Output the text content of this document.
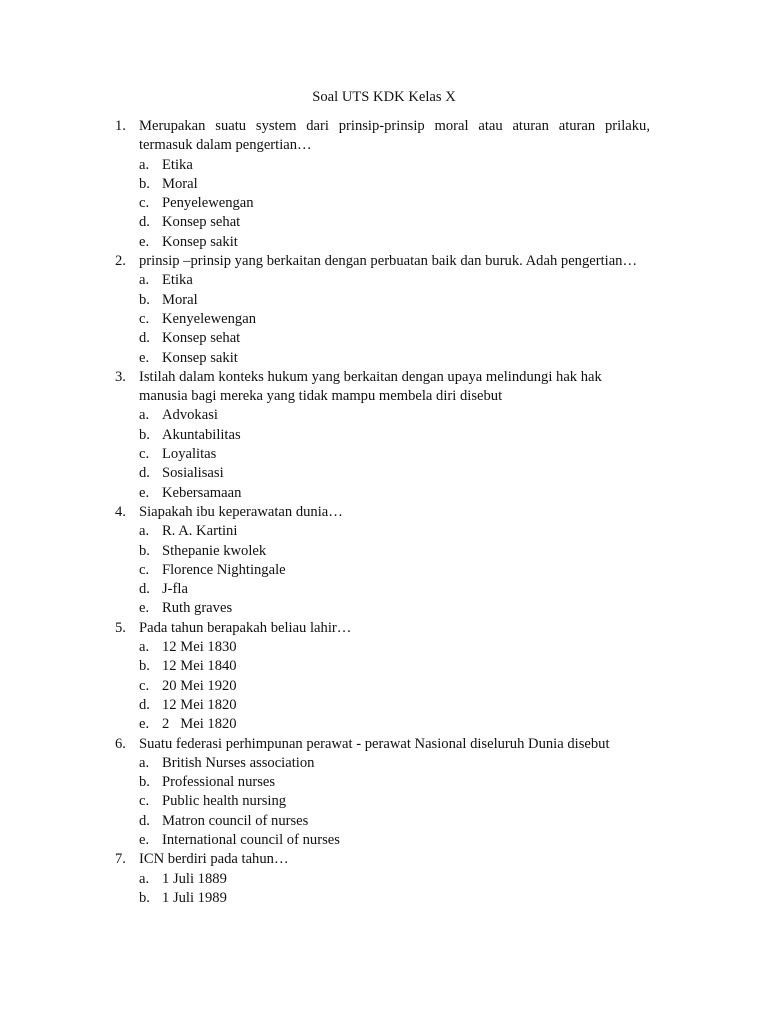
Soal UTS KDK Kelas X
1. Merupakan suatu system dari prinsip-prinsip moral atau aturan aturan prilaku, termasuk dalam pengertian…
a. Etika
b. Moral
c. Penyelewengan
d. Konsep sehat
e. Konsep sakit
2. prinsip –prinsip yang berkaitan dengan perbuatan baik dan buruk. Adah pengertian…
a. Etika
b. Moral
c. Kenyelewengan
d. Konsep sehat
e. Konsep sakit
3. Istilah dalam konteks hukum yang berkaitan dengan upaya melindungi hak hak manusia bagi mereka yang tidak mampu membela diri disebut
a. Advokasi
b. Akuntabilitas
c. Loyalitas
d. Sosialisasi
e. Kebersamaan
4. Siapakah ibu keperawatan dunia…
a. R. A. Kartini
b. Sthepanie kwolek
c. Florence Nightingale
d. J-fla
e. Ruth graves
5. Pada tahun berapakah beliau lahir…
a. 12 Mei 1830
b. 12 Mei 1840
c. 20 Mei 1920
d. 12 Mei 1820
e. 2   Mei 1820
6. Suatu federasi perhimpunan perawat - perawat Nasional diseluruh Dunia disebut
a. British Nurses association
b. Professional nurses
c. Public health nursing
d. Matron council of nurses
e. International council of nurses
7. ICN berdiri pada tahun…
a. 1 Juli 1889
b. 1 Juli 1989
